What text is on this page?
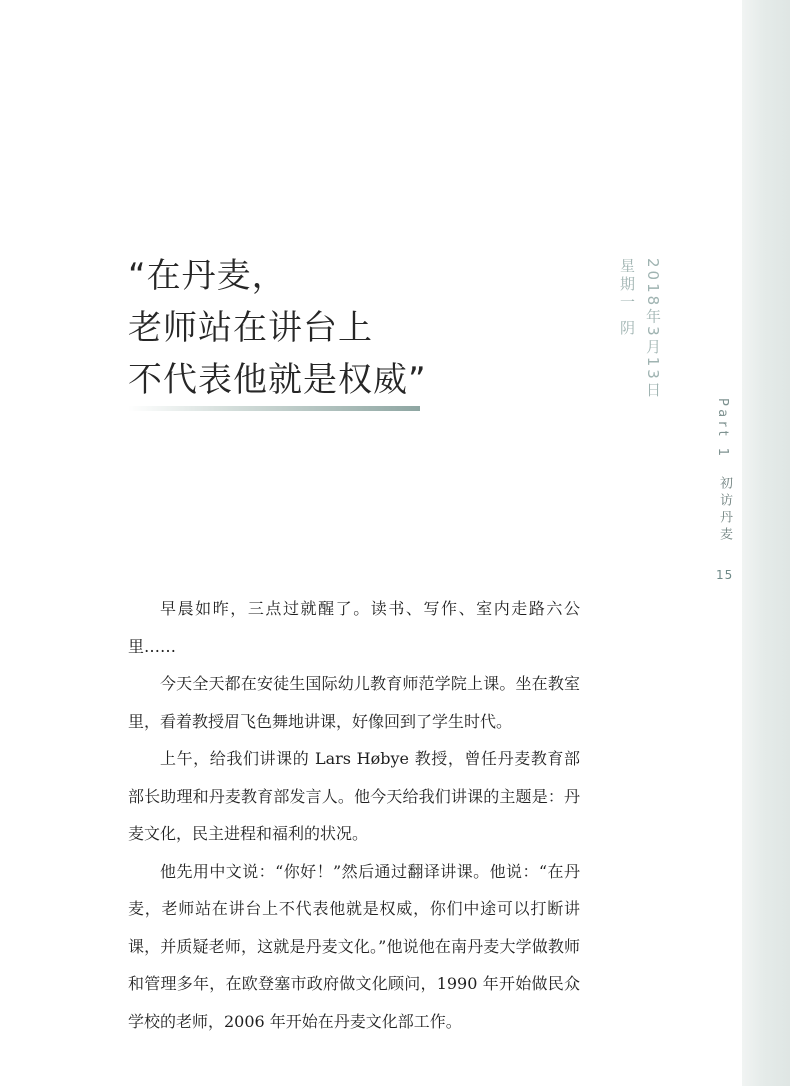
“在丹麦，
老师站在讲台上
不代表他就是权威”	2018年3月13日
星期一 阴
Part 1
初访丹麦
15

早晨如昨，三点过就醒了。读书、写作、室内走路六公里……

今天全天都在安徒生国际幼儿教育师范学院上课。坐在教室里，看着教授眉飞色舞地讲课，好像回到了学生时代。

上午，给我们讲课的 Lars Høbye 教授，曾任丹麦教育部部长助理和丹麦教育部发言人。他今天给我们讲课的主题是：丹麦文化，民主进程和福利的状况。

他先用中文说：“你好！”然后通过翻译讲课。他说：“在丹麦，老师站在讲台上不代表他就是权威，你们中途可以打断讲课，并质疑老师，这就是丹麦文化。”他说他在南丹麦大学做教师和管理多年，在欧登塞市政府做文化顾问，1990 年开始做民众学校的老师，2006 年开始在丹麦文化部工作。
